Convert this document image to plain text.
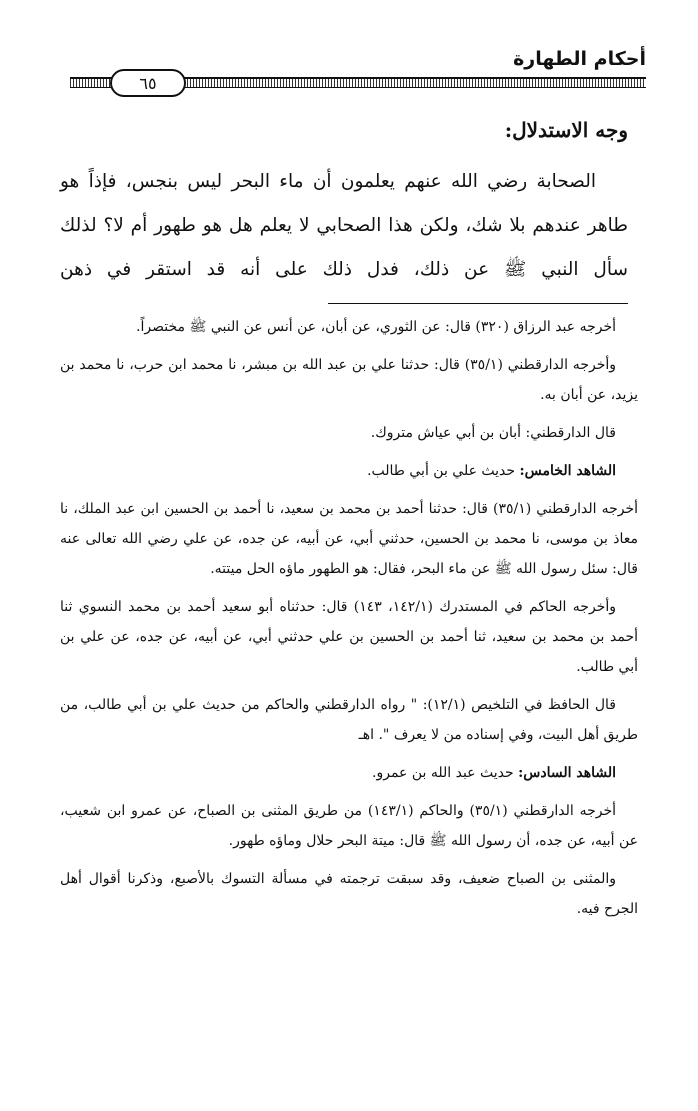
أحكام الطهارة
٦٥
وجه الاستدلال:

الصحابة رضي الله عنهم يعلمون أن ماء البحر ليس بنجس، فإذاً هو طاهر عندهم بلا شك، ولكن هذا الصحابي لا يعلم هل هو طهور أم لا؟ لذلك سأل النبي ﷺ عن ذلك، فدل ذلك على أنه قد استقر في ذهن

أخرجه عبد الرزاق (٣٢٠) قال: عن الثوري، عن أبان، عن أنس عن النبي ﷺ مختصراً.

وأخرجه الدارقطني (٣٥/١) قال: حدثنا علي بن عبد الله بن مبشر، نا محمد ابن حرب، نا محمد بن يزيد، عن أبان به.

قال الدارقطني: أبان بن أبي عياش متروك.

الشاهد الخامس: حديث علي بن أبي طالب.

أخرجه الدارقطني (٣٥/١) قال: حدثنا أحمد بن محمد بن سعيد، نا أحمد بن الحسين ابن عبد الملك، نا معاذ بن موسى، نا محمد بن الحسين، حدثني أبي، عن أبيه، عن جده، عن علي رضي الله تعالى عنه قال: سئل رسول الله ﷺ عن ماء البحر، فقال: هو الطهور ماؤه الحل ميتته.

وأخرجه الحاكم في المستدرك (١٤٢/١، ١٤٣) قال: حدثناه أبو سعيد أحمد بن محمد النسوي ثنا أحمد بن محمد بن سعيد، ثنا أحمد بن الحسين بن علي حدثني أبي، عن أبيه، عن جده، عن علي بن أبي طالب.

قال الحافظ في التلخيص (١٢/١): " رواه الدارقطني والحاكم من حديث علي بن أبي طالب، من طريق أهل البيت، وفي إسناده من لا يعرف ". اهـ

الشاهد السادس: حديث عبد الله بن عمرو.

أخرجه الدارقطني (٣٥/١) والحاكم (١٤٣/١) من طريق المثنى بن الصباح، عن عمرو ابن شعيب، عن أبيه، عن جده، أن رسول الله ﷺ قال: ميتة البحر حلال وماؤه طهور.

والمثنى بن الصباح ضعيف، وقد سبقت ترجمته في مسألة التسوك بالأصبع، وذكرنا أقوال أهل الجرح فيه.
